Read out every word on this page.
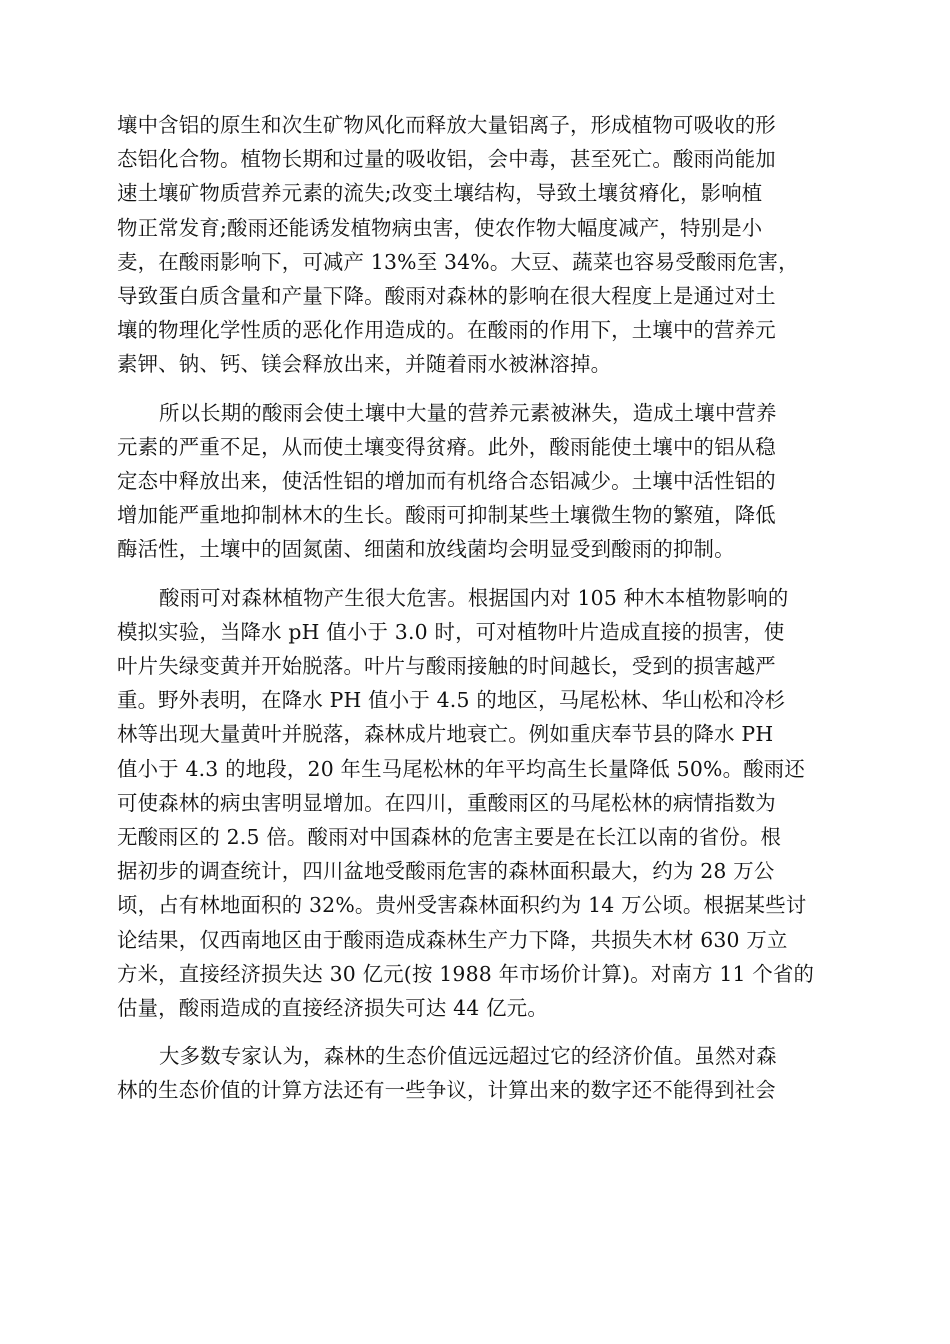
壤中含铝的原生和次生矿物风化而释放大量铝离子，形成植物可吸收的形
态铝化合物。植物长期和过量的吸收铝，会中毒，甚至死亡。酸雨尚能加
速土壤矿物质营养元素的流失;改变土壤结构，导致土壤贫瘠化，影响植
物正常发育;酸雨还能诱发植物病虫害，使农作物大幅度减产，特别是小
麦，在酸雨影响下，可减产 13%至 34%。大豆、蔬菜也容易受酸雨危害，
导致蛋白质含量和产量下降。酸雨对森林的影响在很大程度上是通过对土
壤的物理化学性质的恶化作用造成的。在酸雨的作用下，土壤中的营养元
素钾、钠、钙、镁会释放出来，并随着雨水被淋溶掉。

所以长期的酸雨会使土壤中大量的营养元素被淋失，造成土壤中营养
元素的严重不足，从而使土壤变得贫瘠。此外，酸雨能使土壤中的铝从稳
定态中释放出来，使活性铝的增加而有机络合态铝减少。土壤中活性铝的
增加能严重地抑制林木的生长。酸雨可抑制某些土壤微生物的繁殖，降低
酶活性，土壤中的固氮菌、细菌和放线菌均会明显受到酸雨的抑制。

酸雨可对森林植物产生很大危害。根据国内对 105 种木本植物影响的
模拟实验，当降水 pH 值小于 3.0 时，可对植物叶片造成直接的损害，使
叶片失绿变黄并开始脱落。叶片与酸雨接触的时间越长，受到的损害越严
重。野外表明，在降水 PH 值小于 4.5 的地区，马尾松林、华山松和冷杉
林等出现大量黄叶并脱落，森林成片地衰亡。例如重庆奉节县的降水 PH
值小于 4.3 的地段，20 年生马尾松林的年平均高生长量降低 50%。酸雨还
可使森林的病虫害明显增加。在四川，重酸雨区的马尾松林的病情指数为
无酸雨区的 2.5 倍。酸雨对中国森林的危害主要是在长江以南的省份。根
据初步的调查统计，四川盆地受酸雨危害的森林面积最大，约为 28 万公
顷，占有林地面积的 32%。贵州受害森林面积约为 14 万公顷。根据某些讨
论结果，仅西南地区由于酸雨造成森林生产力下降，共损失木材 630 万立
方米，直接经济损失达 30 亿元(按 1988 年市场价计算)。对南方 11 个省的
估量，酸雨造成的直接经济损失可达 44 亿元。

大多数专家认为，森林的生态价值远远超过它的经济价值。虽然对森
林的生态价值的计算方法还有一些争议，计算出来的数字还不能得到社会
